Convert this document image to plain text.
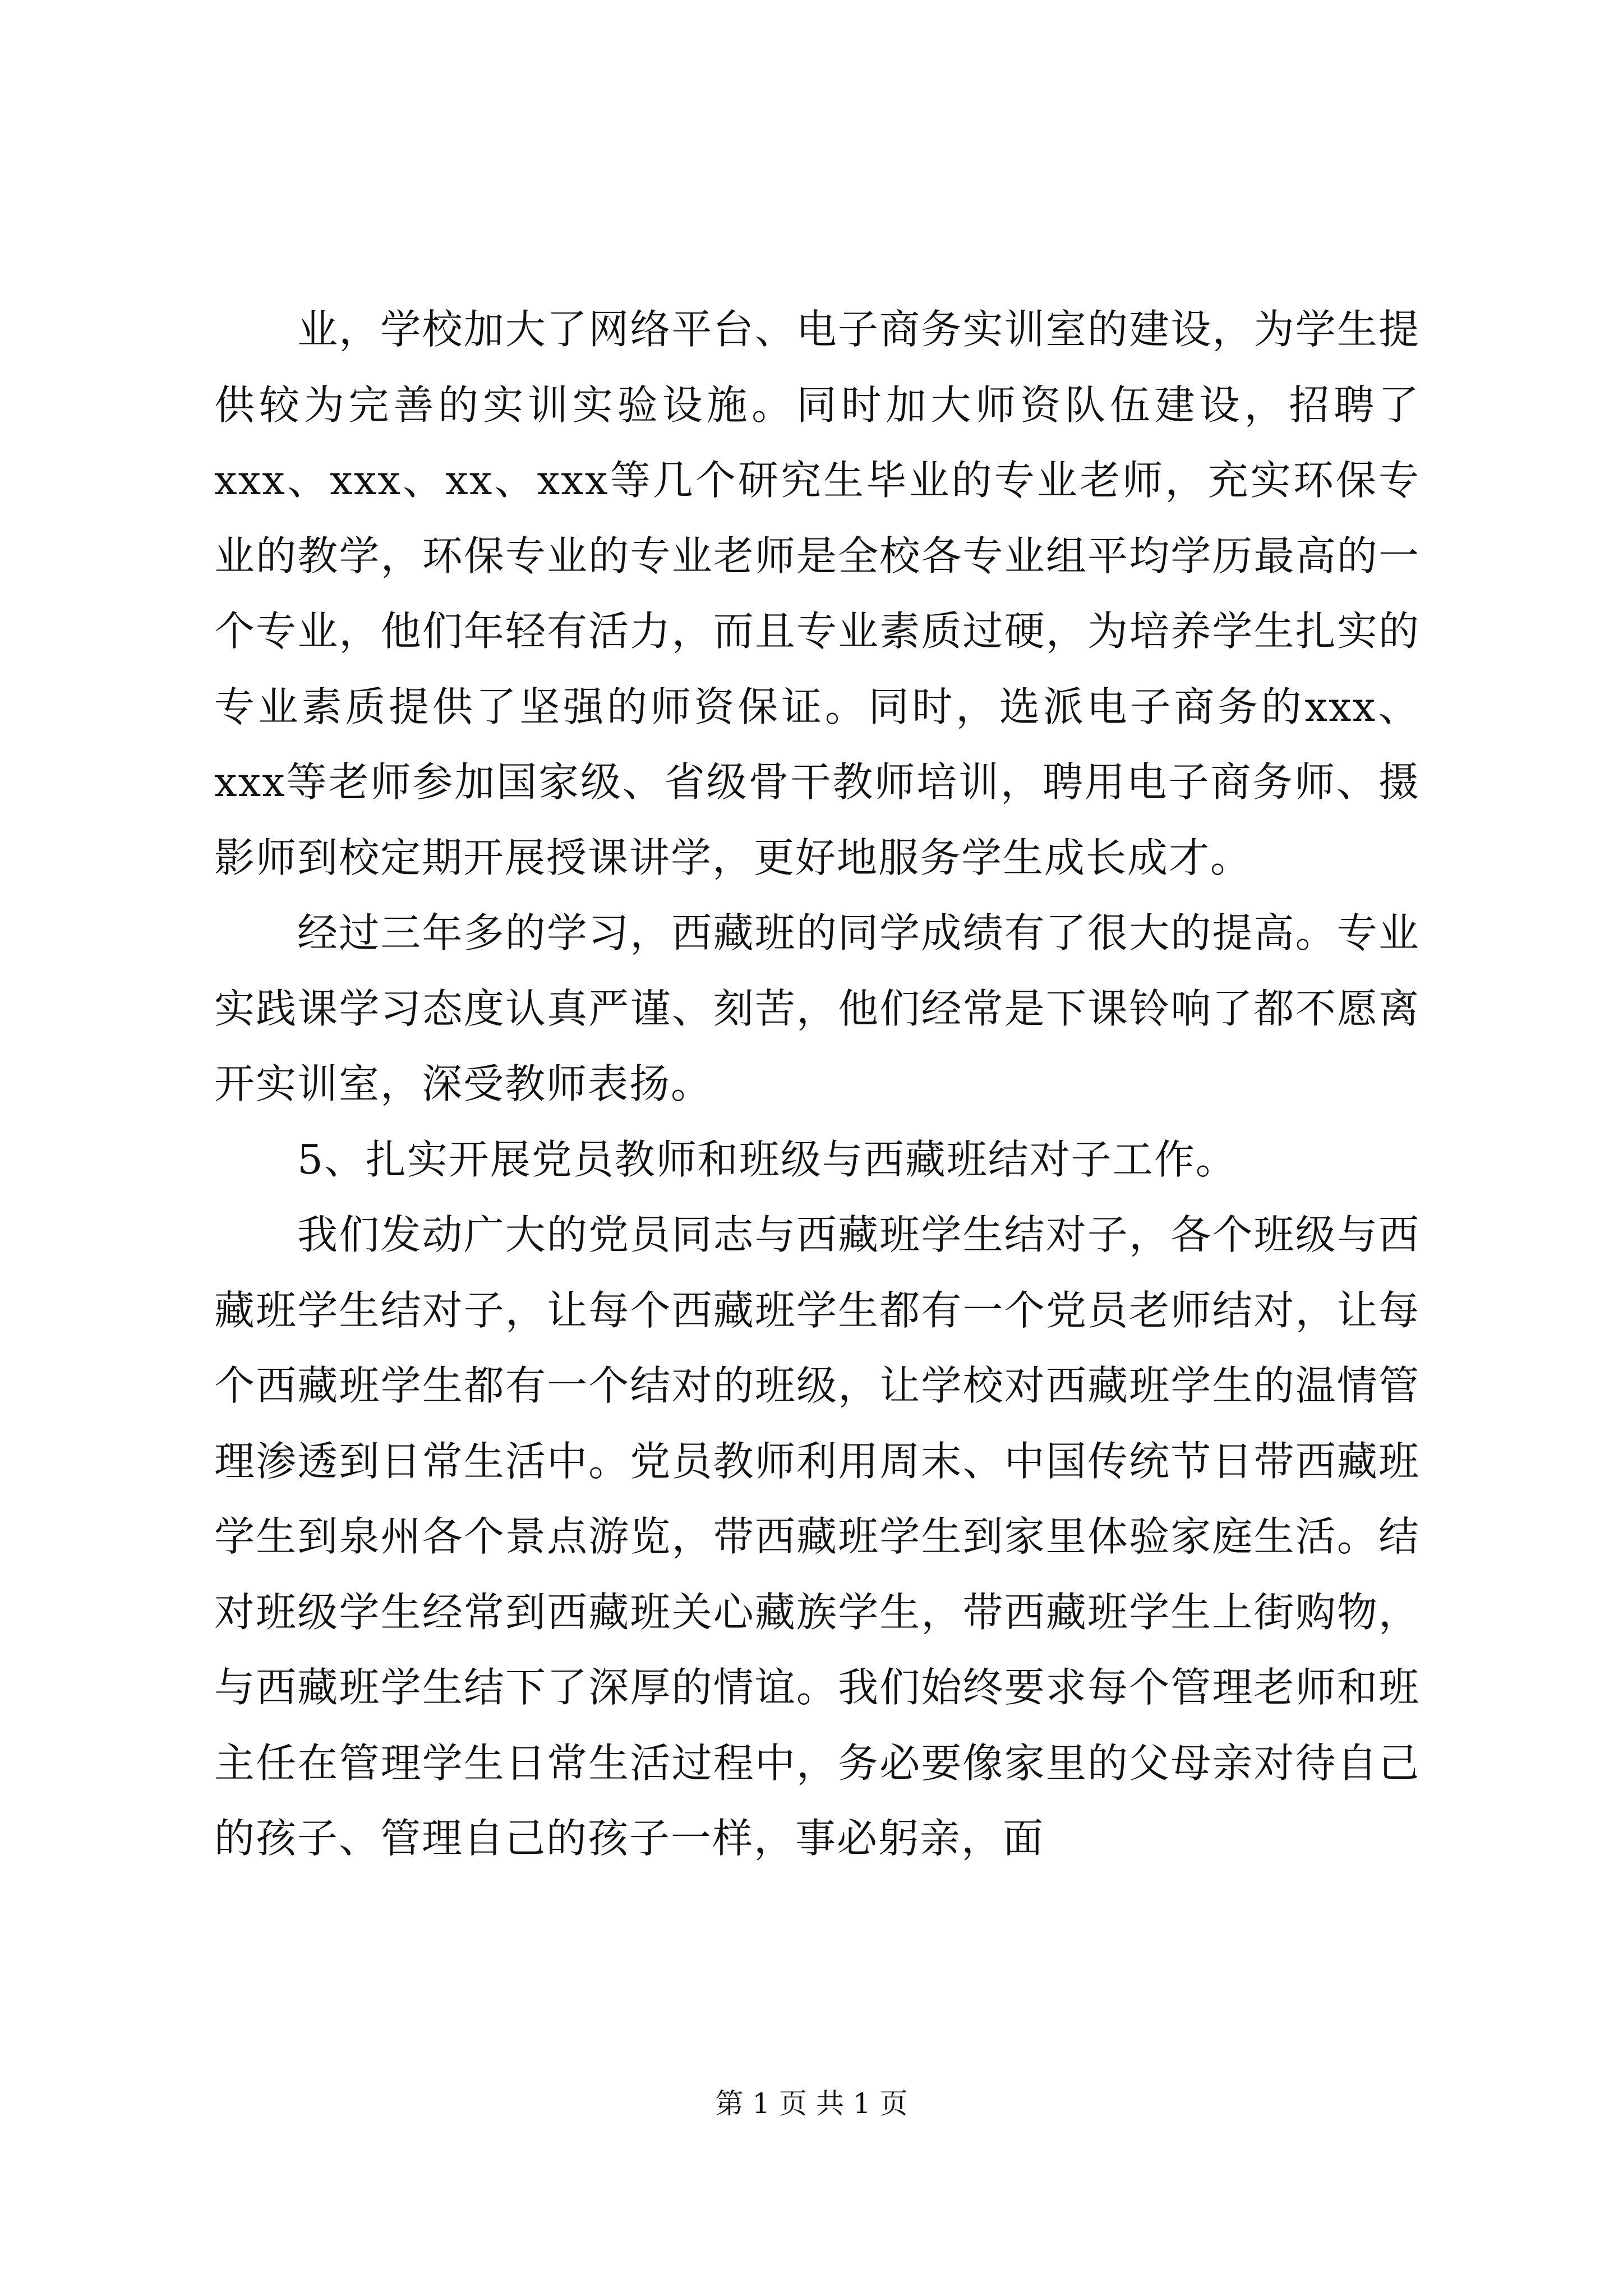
业，学校加大了网络平台、电子商务实训室的建设，为学生提供较为完善的实训实验设施。同时加大师资队伍建设，招聘了xxx、xxx、xx、xxx等几个研究生毕业的专业老师，充实环保专业的教学，环保专业的专业老师是全校各专业组平均学历最高的一个专业，他们年轻有活力，而且专业素质过硬，为培养学生扎实的专业素质提供了坚强的师资保证。同时，选派电子商务的xxx、xxx等老师参加国家级、省级骨干教师培训，聘用电子商务师、摄影师到校定期开展授课讲学，更好地服务学生成长成才。

经过三年多的学习，西藏班的同学成绩有了很大的提高。专业实践课学习态度认真严谨、刻苦，他们经常是下课铃响了都不愿离开实训室，深受教师表扬。

5、扎实开展党员教师和班级与西藏班结对子工作。

我们发动广大的党员同志与西藏班学生结对子，各个班级与西藏班学生结对子，让每个西藏班学生都有一个党员老师结对，让每个西藏班学生都有一个结对的班级，让学校对西藏班学生的温情管理渗透到日常生活中。党员教师利用周末、中国传统节日带西藏班学生到泉州各个景点游览，带西藏班学生到家里体验家庭生活。结对班级学生经常到西藏班关心藏族学生，带西藏班学生上街购物，与西藏班学生结下了深厚的情谊。我们始终要求每个管理老师和班主任在管理学生日常生活过程中，务必要像家里的父母亲对待自己的孩子、管理自己的孩子一样，事必躬亲，面

第 1 页 共 1 页
